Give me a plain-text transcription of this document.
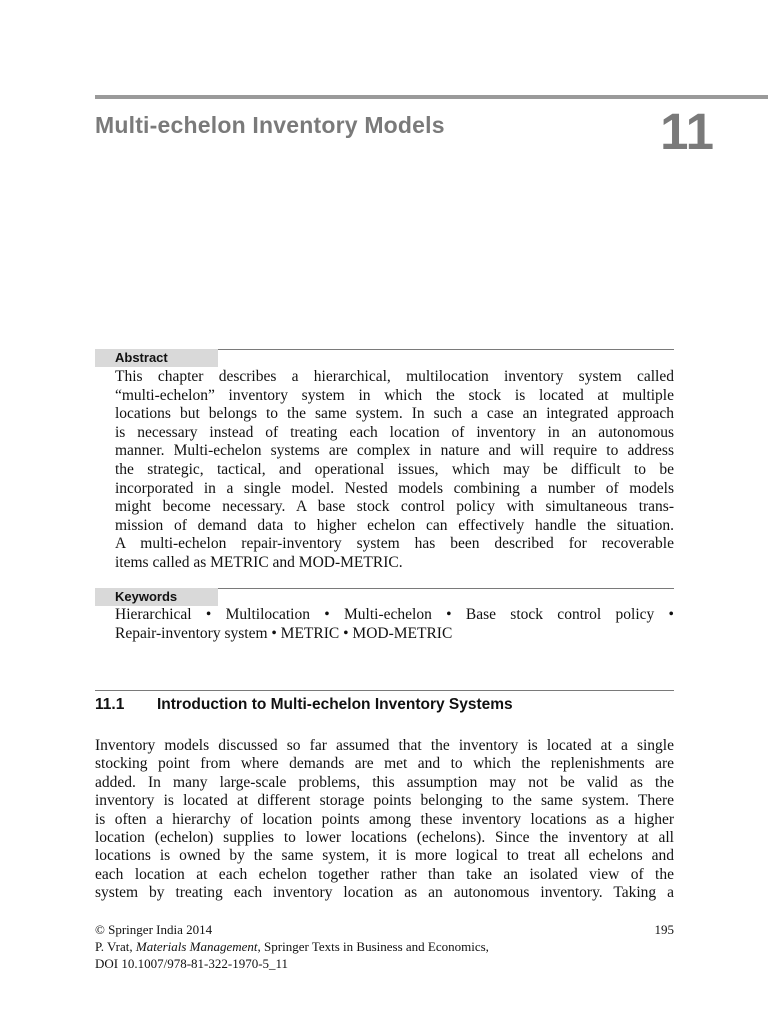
Multi-echelon Inventory Models	11
Abstract
This chapter describes a hierarchical, multilocation inventory system called
“multi-echelon” inventory system in which the stock is located at multiple
locations but belongs to the same system. In such a case an integrated approach
is necessary instead of treating each location of inventory in an autonomous
manner. Multi-echelon systems are complex in nature and will require to address
the strategic, tactical, and operational issues, which may be difficult to be
incorporated in a single model. Nested models combining a number of models
might become necessary. A base stock control policy with simultaneous trans-
mission of demand data to higher echelon can effectively handle the situation.
A multi-echelon repair-inventory system has been described for recoverable
items called as METRIC and MOD-METRIC.
Keywords
Hierarchical • Multilocation • Multi-echelon • Base stock control policy •
Repair-inventory system • METRIC • MOD-METRIC
11.1 Introduction to Multi-echelon Inventory Systems
Inventory models discussed so far assumed that the inventory is located at a single
stocking point from where demands are met and to which the replenishments are
added. In many large-scale problems, this assumption may not be valid as the
inventory is located at different storage points belonging to the same system. There
is often a hierarchy of location points among these inventory locations as a higher
location (echelon) supplies to lower locations (echelons). Since the inventory at all
locations is owned by the same system, it is more logical to treat all echelons and
each location at each echelon together rather than take an isolated view of the
system by treating each inventory location as an autonomous inventory. Taking a
© Springer India 2014
P. Vrat, Materials Management, Springer Texts in Business and Economics,
DOI 10.1007/978-81-322-1970-5_11
195
